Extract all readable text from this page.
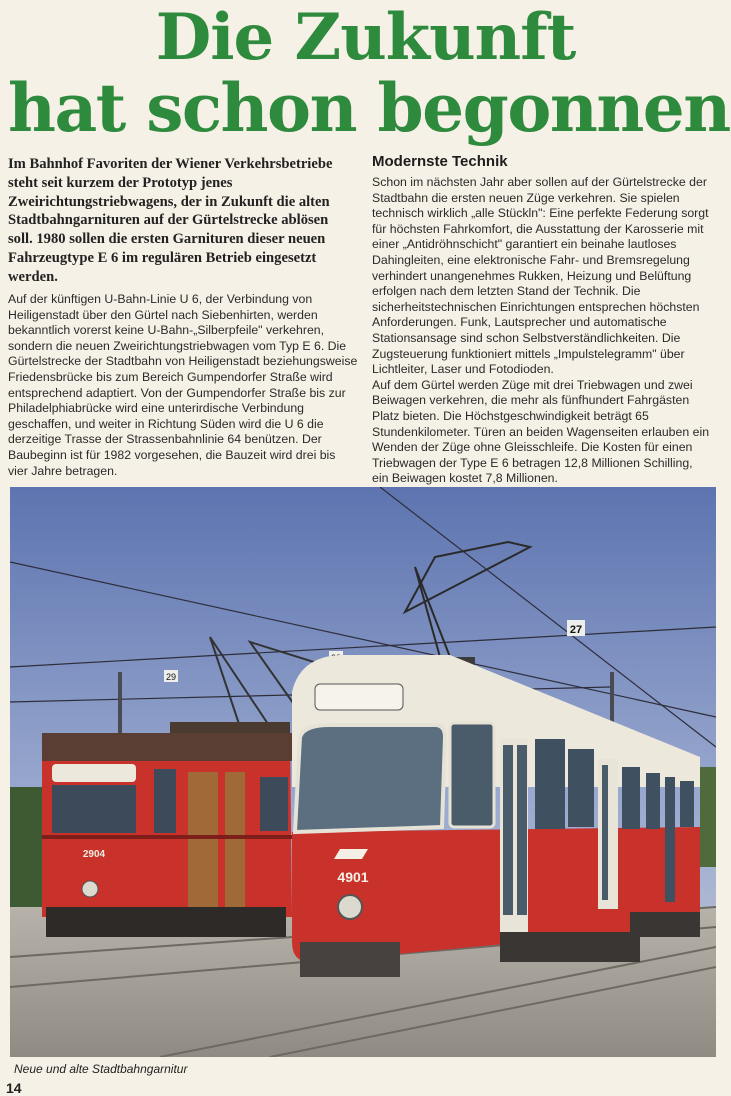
Die Zukunft
hat schon begonnen

Im Bahnhof Favoriten der Wiener Verkehrsbetriebe steht seit kurzem der Prototyp jenes Zweirichtungstriebwagens, der in Zukunft die alten Stadtbahngarnituren auf der Gürtelstrecke ablösen soll. 1980 sollen die ersten Garnituren dieser neuen Fahrzeugtype E 6 im regulären Betrieb eingesetzt werden.

Auf der künftigen U-Bahn-Linie U 6, der Verbindung von Heiligenstadt über den Gürtel nach Siebenhirten, werden bekanntlich vorerst keine U-Bahn-„Silberpfeile" verkehren, sondern die neuen Zweirichtungstriebwagen vom Typ E 6. Die Gürtelstrecke der Stadtbahn von Heiligenstadt beziehungsweise Friedensbrücke bis zum Bereich Gumpendorfer Straße wird entsprechend adaptiert. Von der Gumpendorfer Straße bis zur Philadelphiabrücke wird eine unterirdische Verbindung geschaffen, und weiter in Richtung Süden wird die U 6 die derzeitige Trasse der Strassenbahnlinie 64 benützen. Der Baubeginn ist für 1982 vorgesehen, die Bauzeit wird drei bis vier Jahre betragen.

Modernste Technik

Schon im nächsten Jahr aber sollen auf der Gürtelstrecke der Stadtbahn die ersten neuen Züge verkehren. Sie spielen technisch wirklich „alle Stückln": Eine perfekte Federung sorgt für höchsten Fahrkomfort, die Ausstattung der Karosserie mit einer „Antidröhnschicht" garantiert ein beinahe lautloses Dahingleiten, eine elektronische Fahr- und Bremsregelung verhindert unangenehmes Rukken, Heizung und Belüftung erfolgen nach dem letzten Stand der Technik. Die sicherheitstechnischen Einrichtungen entsprechen höchsten Anforderungen. Funk, Lautsprecher und automatische Stationsansage sind schon Selbstverständlichkeiten. Die Zugsteuerung funktioniert mittels „Impulstelegramm" über Lichtleiter, Laser und Fotodioden.

Auf dem Gürtel werden Züge mit drei Triebwagen und zwei Beiwagen verkehren, die mehr als fünfhundert Fahrgästen Platz bieten. Die Höchstgeschwindigkeit beträgt 65 Stundenkilometer. Türen an beiden Wagenseiten erlauben ein Wenden der Züge ohne Gleisschleife. Die Kosten für einen Triebwagen der Type E 6 betragen 12,8 Millionen Schilling, ein Beiwagen kostet 7,8 Millionen.

29
27
2904
4901

Neue und alte Stadtbahngarnitur

14
